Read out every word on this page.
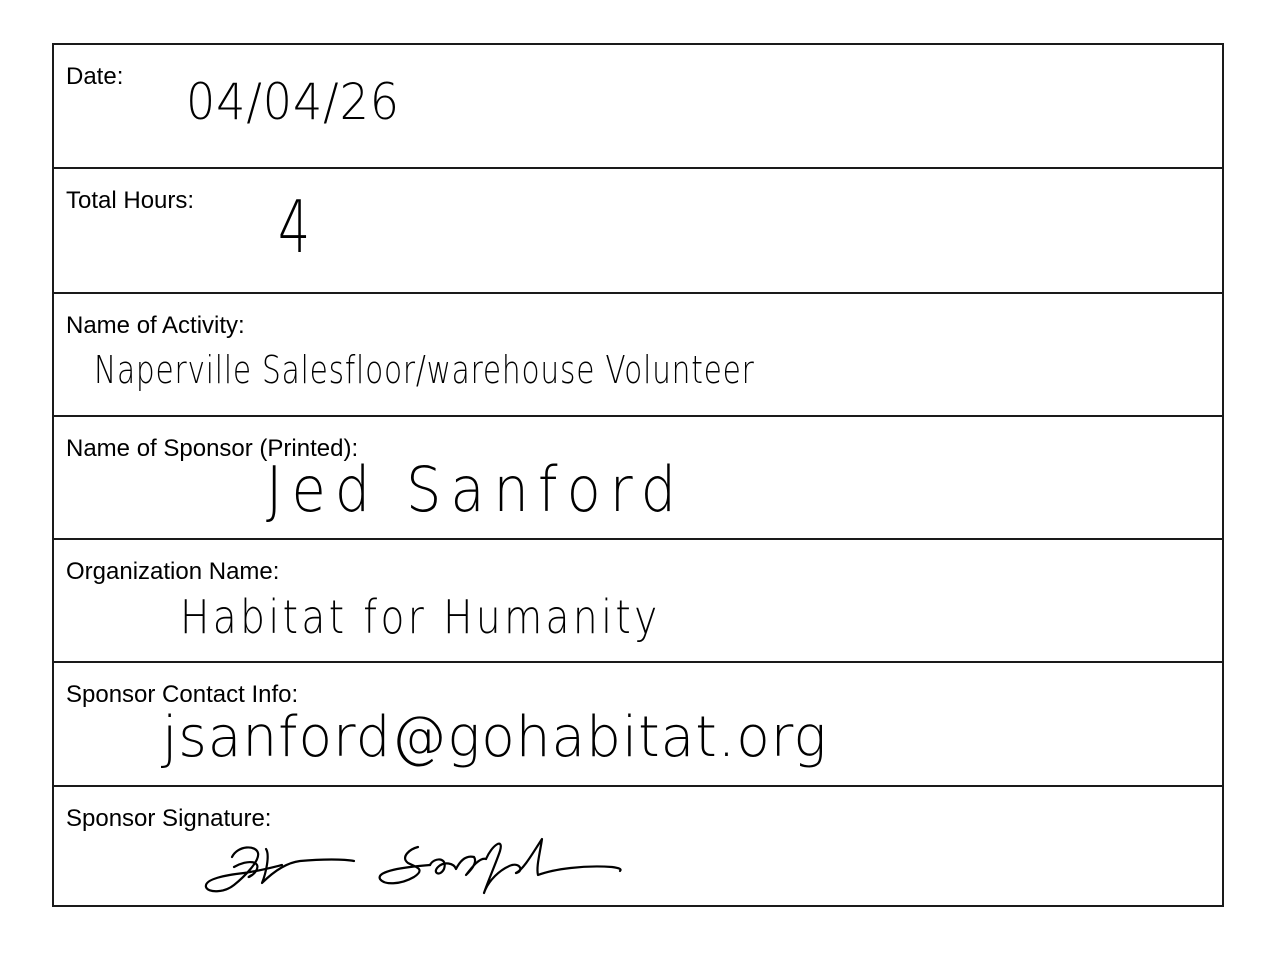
Date: 04/04/26
Total Hours: 4
Name of Activity:
Naperville Salesfloor/warehouse Volunteer
Name of Sponsor (Printed):
Jed Sanford
Organization Name:
Habitat for Humanity
Sponsor Contact Info:
jsanford@gohabitat.org
Sponsor Signature:
